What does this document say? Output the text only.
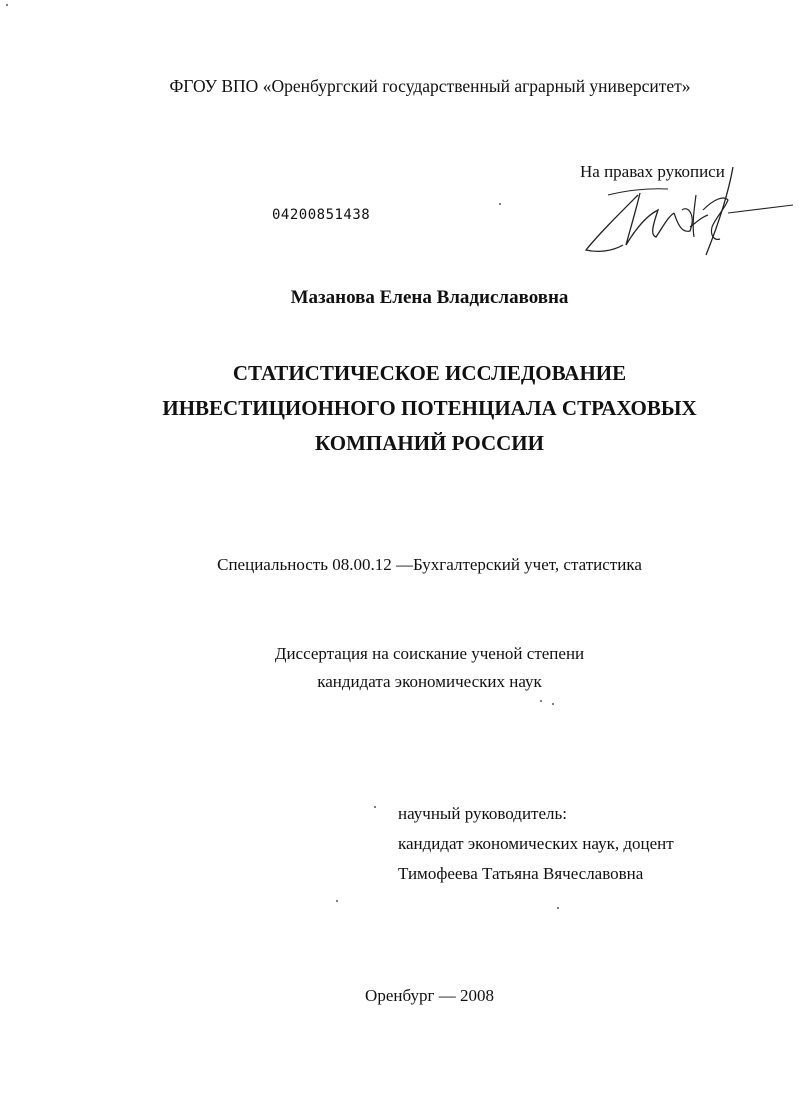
ФГОУ ВПО «Оренбургский государственный аграрный университет»
На правах рукописи
04200851438
Мазанова Елена Владиславовна
СТАТИСТИЧЕСКОЕ ИССЛЕДОВАНИЕ
ИНВЕСТИЦИОННОГО ПОТЕНЦИАЛА СТРАХОВЫХ
КОМПАНИЙ РОССИИ
Специальность 08.00.12 —Бухгалтерский учет, статистика
Диссертация на соискание ученой степени
кандидата экономических наук
научный руководитель:
кандидат экономических наук, доцент
Тимофеева Татьяна Вячеславовна
Оренбург — 2008
